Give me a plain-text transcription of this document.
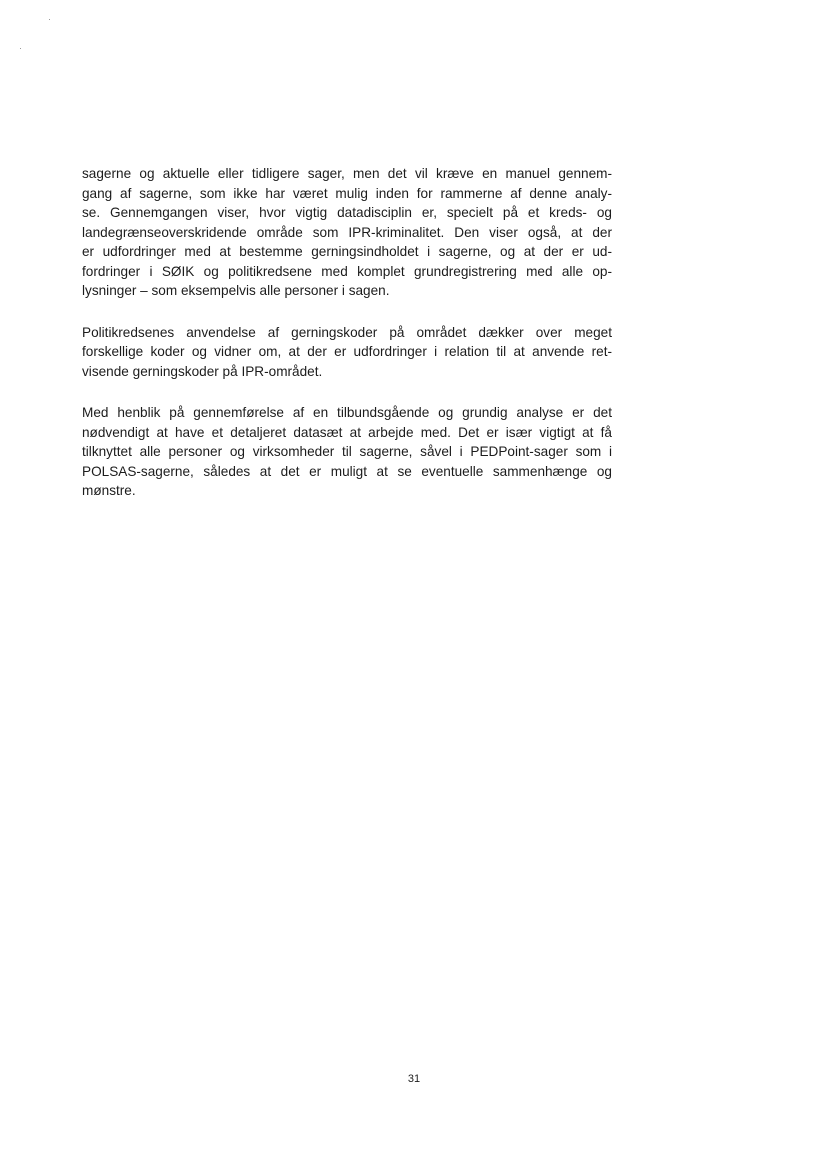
sagerne og aktuelle eller tidligere sager, men det vil kræve en manuel gennem-
gang af sagerne, som ikke har været mulig inden for rammerne af denne analy-
se. Gennemgangen viser, hvor vigtig datadisciplin er, specielt på et kreds- og
landegrænseoverskridende område som IPR-kriminalitet. Den viser også, at der
er udfordringer med at bestemme gerningsindholdet i sagerne, og at der er ud-
fordringer i SØIK og politikredsene med komplet grundregistrering med alle op-
lysninger – som eksempelvis alle personer i sagen.

Politikredsenes anvendelse af gerningskoder på området dækker over meget
forskellige koder og vidner om, at der er udfordringer i relation til at anvende ret-
visende gerningskoder på IPR-området.

Med henblik på gennemførelse af en tilbundsgående og grundig analyse er det
nødvendigt at have et detaljeret datasæt at arbejde med. Det er især vigtigt at få
tilknyttet alle personer og virksomheder til sagerne, såvel i PEDPoint-sager som i
POLSAS-sagerne, således at det er muligt at se eventuelle sammenhænge og
mønstre.

31
